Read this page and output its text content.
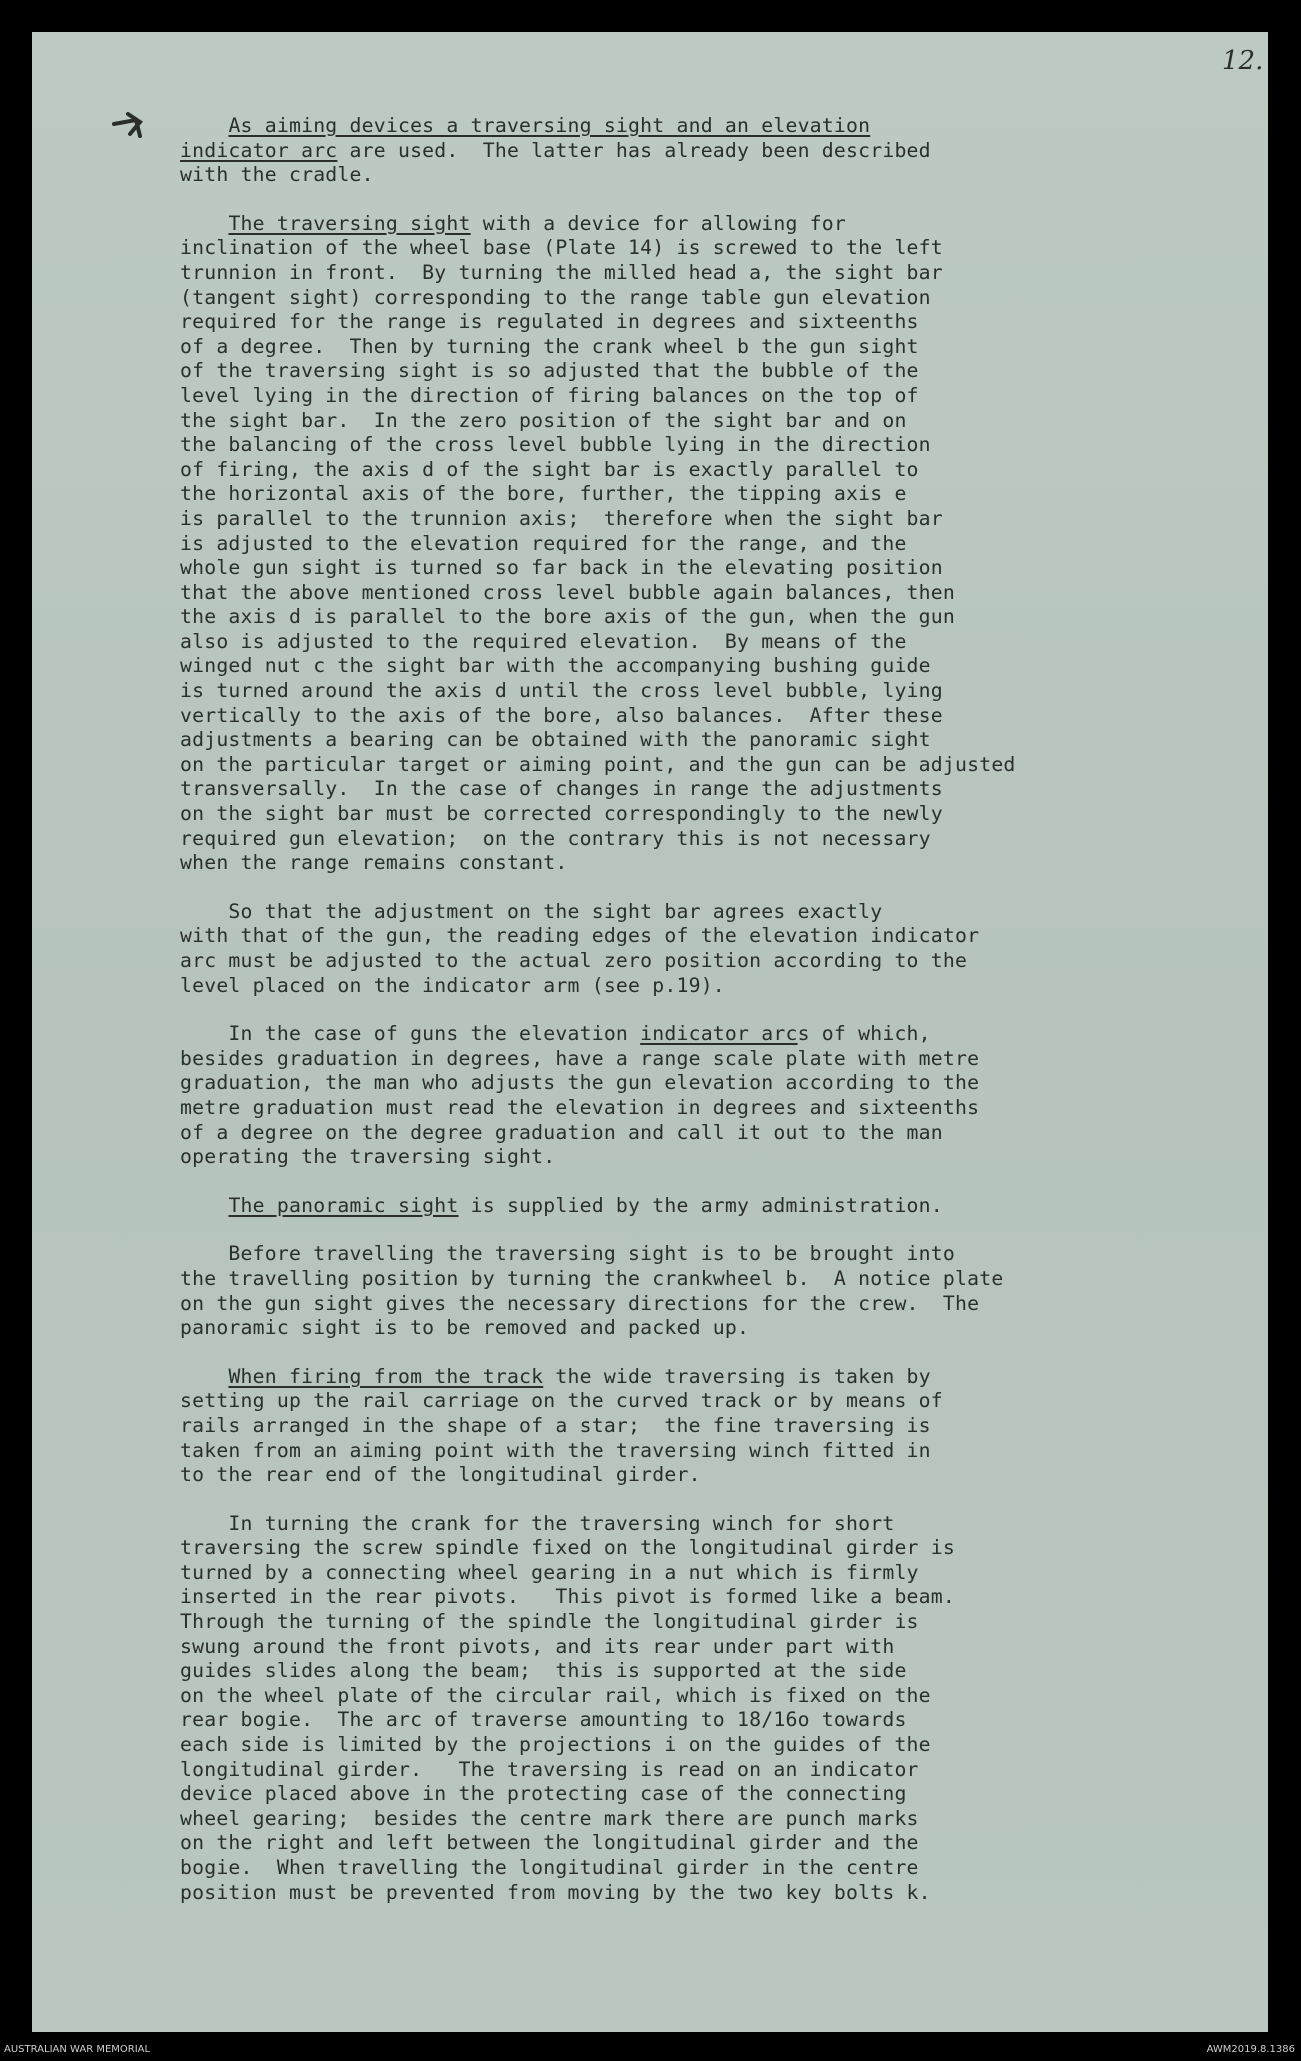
12.
As aiming devices a traversing sight and an elevation
indicator arc are used.  The latter has already been described
with the cradle.
The traversing sight with a device for allowing for
inclination of the wheel base (Plate 14) is screwed to the left
trunnion in front.  By turning the milled head a, the sight bar
(tangent sight) corresponding to the range table gun elevation
required for the range is regulated in degrees and sixteenths
of a degree.  Then by turning the crank wheel b the gun sight
of the traversing sight is so adjusted that the bubble of the
level lying in the direction of firing balances on the top of
the sight bar.  In the zero position of the sight bar and on
the balancing of the cross level bubble lying in the direction
of firing, the axis d of the sight bar is exactly parallel to
the horizontal axis of the bore, further, the tipping axis e
is parallel to the trunnion axis;  therefore when the sight bar
is adjusted to the elevation required for the range, and the
whole gun sight is turned so far back in the elevating position
that the above mentioned cross level bubble again balances, then
the axis d is parallel to the bore axis of the gun, when the gun
also is adjusted to the required elevation.  By means of the
winged nut c the sight bar with the accompanying bushing guide
is turned around the axis d until the cross level bubble, lying
vertically to the axis of the bore, also balances.  After these
adjustments a bearing can be obtained with the panoramic sight
on the particular target or aiming point, and the gun can be adjusted
transversally.  In the case of changes in range the adjustments
on the sight bar must be corrected correspondingly to the newly
required gun elevation;  on the contrary this is not necessary
when the range remains constant.
So that the adjustment on the sight bar agrees exactly
with that of the gun, the reading edges of the elevation indicator
arc must be adjusted to the actual zero position according to the
level placed on the indicator arm (see p.19).
In the case of guns the elevation indicator arcs of which,
besides graduation in degrees, have a range scale plate with metre
graduation, the man who adjusts the gun elevation according to the
metre graduation must read the elevation in degrees and sixteenths
of a degree on the degree graduation and call it out to the man
operating the traversing sight.
The panoramic sight is supplied by the army administration.
Before travelling the traversing sight is to be brought into
the travelling position by turning the crankwheel b.  A notice plate
on the gun sight gives the necessary directions for the crew.  The
panoramic sight is to be removed and packed up.
When firing from the track the wide traversing is taken by
setting up the rail carriage on the curved track or by means of
rails arranged in the shape of a star;  the fine traversing is
taken from an aiming point with the traversing winch fitted in
to the rear end of the longitudinal girder.
In turning the crank for the traversing winch for short
traversing the screw spindle fixed on the longitudinal girder is
turned by a connecting wheel gearing in a nut which is firmly
inserted in the rear pivots.   This pivot is formed like a beam.
Through the turning of the spindle the longitudinal girder is
swung around the front pivots, and its rear under part with
guides slides along the beam;  this is supported at the side
on the wheel plate of the circular rail, which is fixed on the
rear bogie.  The arc of traverse amounting to 18/16o towards
each side is limited by the projections i on the guides of the
longitudinal girder.   The traversing is read on an indicator
device placed above in the protecting case of the connecting
wheel gearing;  besides the centre mark there are punch marks
on the right and left between the longitudinal girder and the
bogie.  When travelling the longitudinal girder in the centre
position must be prevented from moving by the two key bolts k.
AUSTRALIAN WAR MEMORIAL	AWM2019.8.1386
